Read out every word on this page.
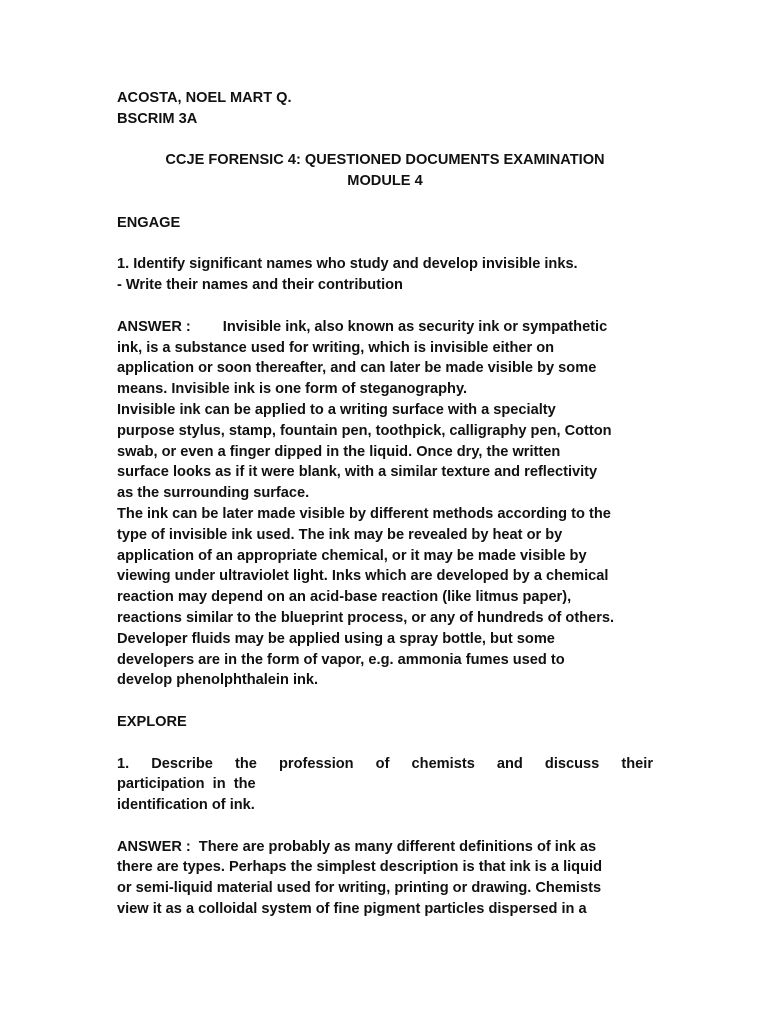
ACOSTA, NOEL MART Q.
BSCRIM 3A
CCJE FORENSIC 4: QUESTIONED DOCUMENTS EXAMINATION
MODULE 4
ENGAGE
1. Identify significant names who study and develop invisible inks.
- Write their names and their contribution
ANSWER : Invisible ink, also known as security ink or sympathetic
ink, is a substance used for writing, which is invisible either on
application or soon thereafter, and can later be made visible by some
means. Invisible ink is one form of steganography.
Invisible ink can be applied to a writing surface with a specialty
purpose stylus, stamp, fountain pen, toothpick, calligraphy pen, Cotton
swab, or even a finger dipped in the liquid. Once dry, the written
surface looks as if it were blank, with a similar texture and reflectivity
as the surrounding surface.
The ink can be later made visible by different methods according to the
type of invisible ink used. The ink may be revealed by heat or by
application of an appropriate chemical, or it may be made visible by
viewing under ultraviolet light. Inks which are developed by a chemical
reaction may depend on an acid-base reaction (like litmus paper),
reactions similar to the blueprint process, or any of hundreds of others.
Developer fluids may be applied using a spray bottle, but some
developers are in the form of vapor, e.g. ammonia fumes used to
develop phenolphthalein ink.
EXPLORE
1. Describe the profession of chemists and discuss their
participation  in  the
identification of ink.
ANSWER : There are probably as many different definitions of ink as
there are types. Perhaps the simplest description is that ink is a liquid
or semi-liquid material used for writing, printing or drawing. Chemists
view it as a colloidal system of fine pigment particles dispersed in a
